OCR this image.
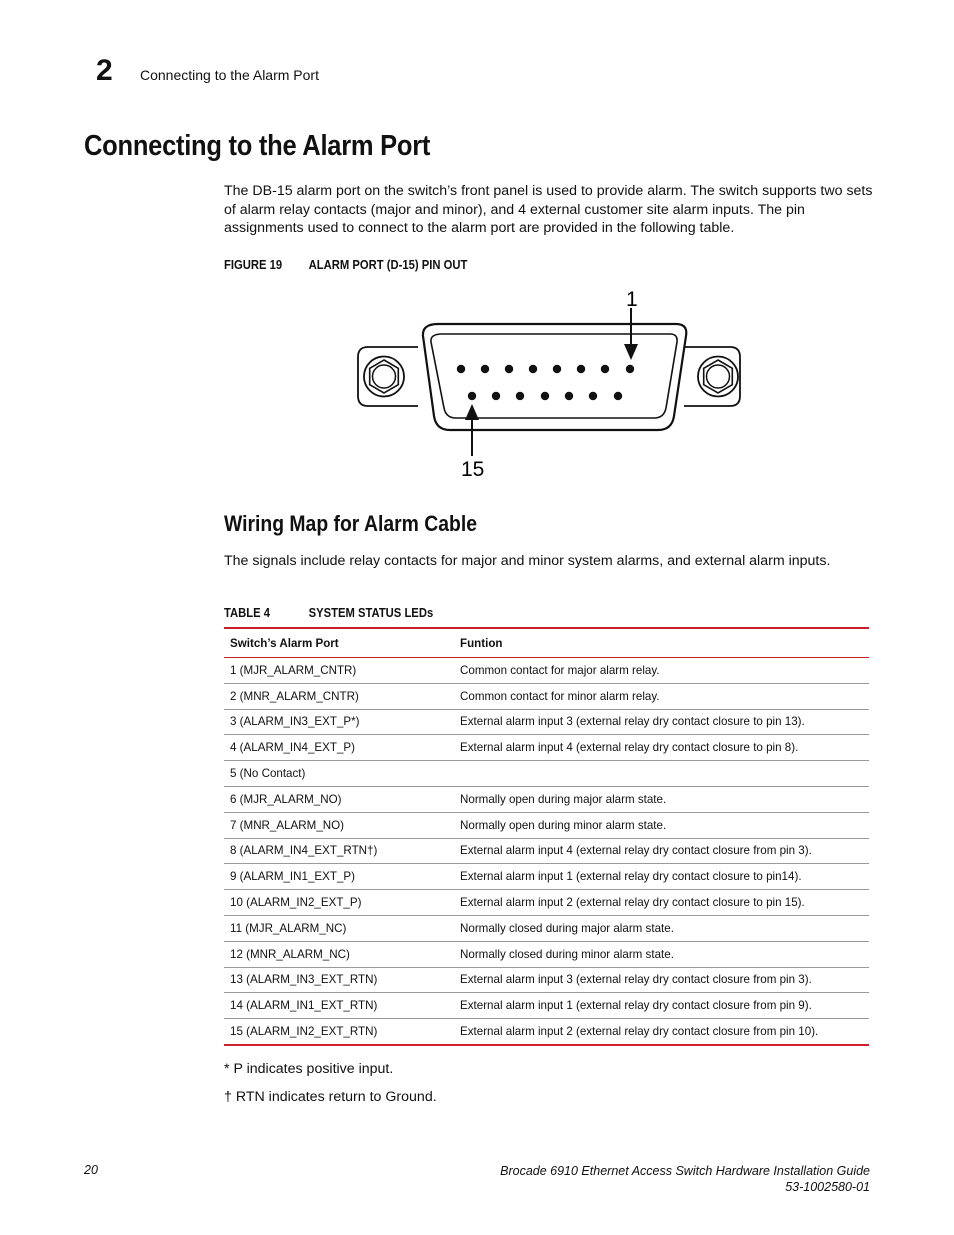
2 Connecting to the Alarm Port
Connecting to the Alarm Port
The DB-15 alarm port on the switch’s front panel is used to provide alarm. The switch supports two sets of alarm relay contacts (major and minor), and 4 external customer site alarm inputs. The pin assignments used to connect to the alarm port are provided in the following table.
FIGURE 19 ALARM PORT (D-15) PIN OUT
1
15
Wiring Map for Alarm Cable
The signals include relay contacts for major and minor system alarms, and external alarm inputs.
TABLE 4	SYSTEM STATUS LEDs
Switch’s Alarm Port	Funtion
1 (MJR_ALARM_CNTR)	Common contact for major alarm relay.
2 (MNR_ALARM_CNTR)	Common contact for minor alarm relay.
3 (ALARM_IN3_EXT_P*)	External alarm input 3 (external relay dry contact closure to pin 13).
4 (ALARM_IN4_EXT_P)	External alarm input 4 (external relay dry contact closure to pin 8).
5 (No Contact)	
6 (MJR_ALARM_NO)	Normally open during major alarm state.
7 (MNR_ALARM_NO)	Normally open during minor alarm state.
8 (ALARM_IN4_EXT_RTN†)	External alarm input 4 (external relay dry contact closure from pin 3).
9 (ALARM_IN1_EXT_P)	External alarm input 1 (external relay dry contact closure to pin14).
10 (ALARM_IN2_EXT_P)	External alarm input 2 (external relay dry contact closure to pin 15).
11 (MJR_ALARM_NC)	Normally closed during major alarm state.
12 (MNR_ALARM_NC)	Normally closed during minor alarm state.
13 (ALARM_IN3_EXT_RTN)	External alarm input 3 (external relay dry contact closure from pin 3).
14 (ALARM_IN1_EXT_RTN)	External alarm input 1 (external relay dry contact closure from pin 9).
15 (ALARM_IN2_EXT_RTN)	External alarm input 2 (external relay dry contact closure from pin 10).
* P indicates positive input.
† RTN indicates return to Ground.
20	Brocade 6910 Ethernet Access Switch Hardware Installation Guide
53-1002580-01
